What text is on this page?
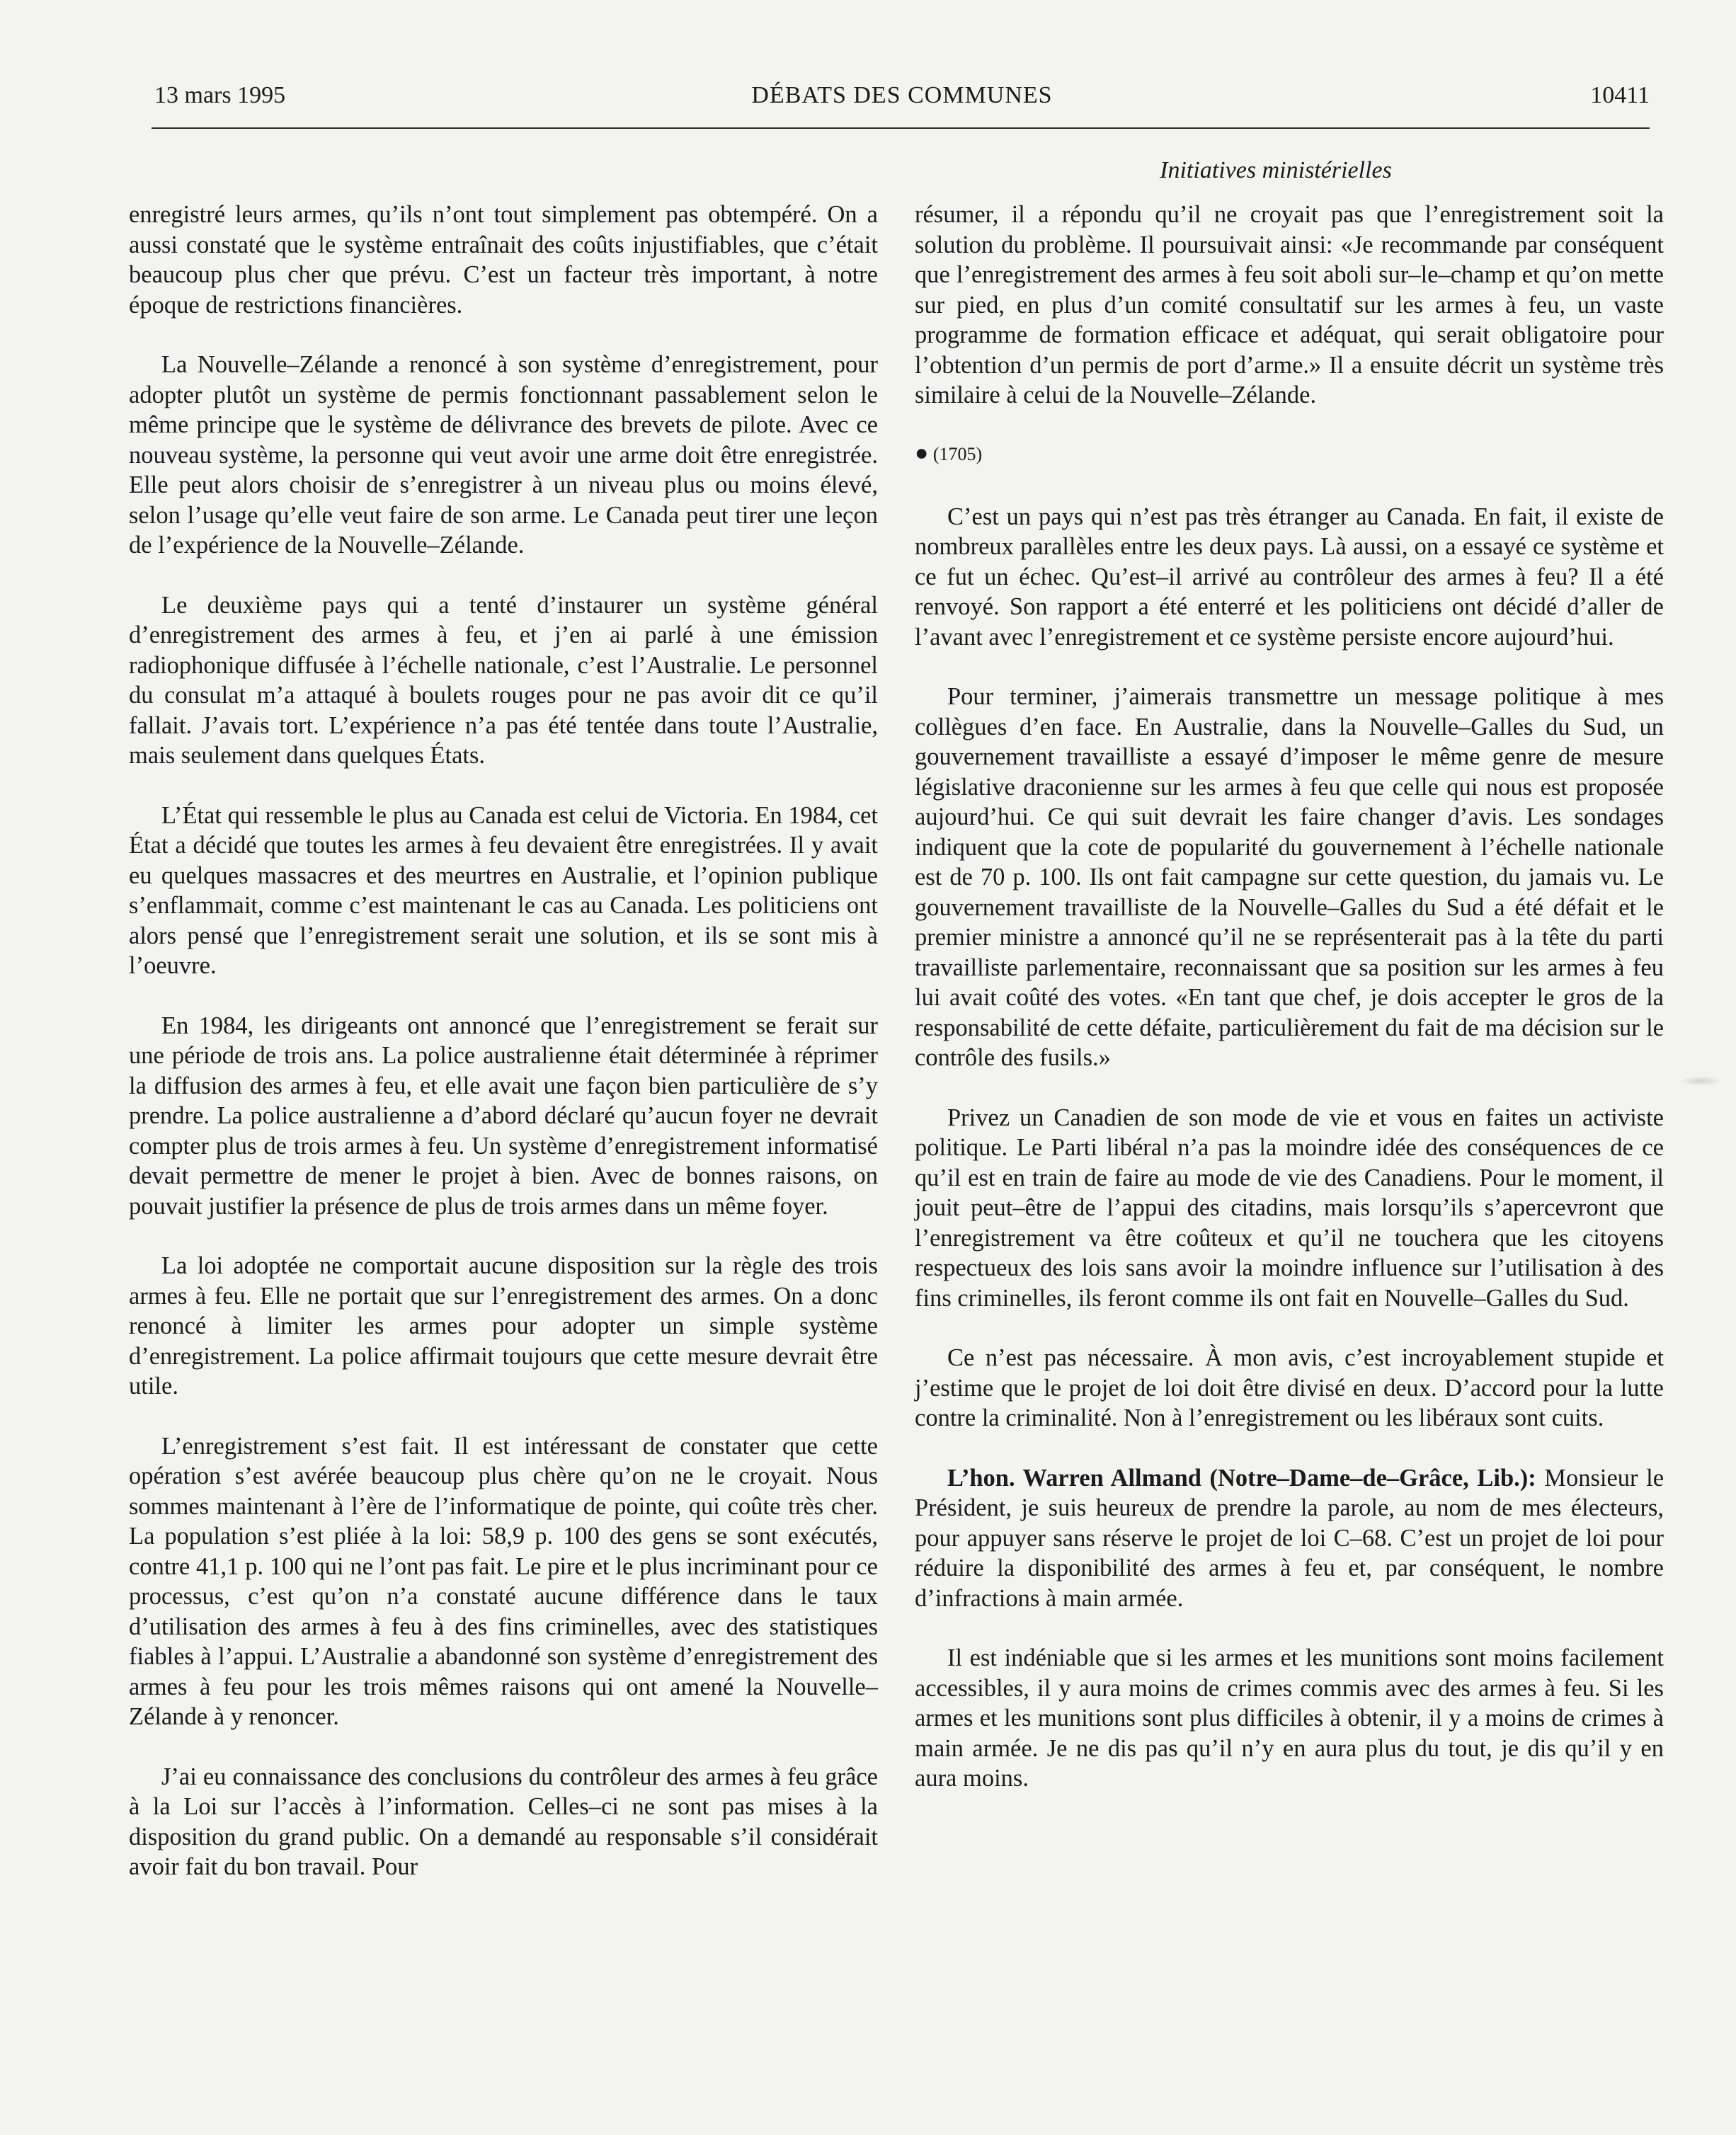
13 mars 1995	DÉBATS DES COMMUNES	10411
Initiatives ministérielles

enregistré leurs armes, qu’ils n’ont tout simplement pas obtempéré. On a aussi constaté que le système entraînait des coûts injustifiables, que c’était beaucoup plus cher que prévu. C’est un facteur très important, à notre époque de restrictions financières.

La Nouvelle–Zélande a renoncé à son système d’enregistrement, pour adopter plutôt un système de permis fonctionnant passablement selon le même principe que le système de délivrance des brevets de pilote. Avec ce nouveau système, la personne qui veut avoir une arme doit être enregistrée. Elle peut alors choisir de s’enregistrer à un niveau plus ou moins élevé, selon l’usage qu’elle veut faire de son arme. Le Canada peut tirer une leçon de l’expérience de la Nouvelle–Zélande.

Le deuxième pays qui a tenté d’instaurer un système général d’enregistrement des armes à feu, et j’en ai parlé à une émission radiophonique diffusée à l’échelle nationale, c’est l’Australie. Le personnel du consulat m’a attaqué à boulets rouges pour ne pas avoir dit ce qu’il fallait. J’avais tort. L’expérience n’a pas été tentée dans toute l’Australie, mais seulement dans quelques États.

L’État qui ressemble le plus au Canada est celui de Victoria. En 1984, cet État a décidé que toutes les armes à feu devaient être enregistrées. Il y avait eu quelques massacres et des meurtres en Australie, et l’opinion publique s’enflammait, comme c’est maintenant le cas au Canada. Les politiciens ont alors pensé que l’enregistrement serait une solution, et ils se sont mis à l’oeuvre.

En 1984, les dirigeants ont annoncé que l’enregistrement se ferait sur une période de trois ans. La police australienne était déterminée à réprimer la diffusion des armes à feu, et elle avait une façon bien particulière de s’y prendre. La police australienne a d’abord déclaré qu’aucun foyer ne devrait compter plus de trois armes à feu. Un système d’enregistrement informatisé devait permettre de mener le projet à bien. Avec de bonnes raisons, on pouvait justifier la présence de plus de trois armes dans un même foyer.

La loi adoptée ne comportait aucune disposition sur la règle des trois armes à feu. Elle ne portait que sur l’enregistrement des armes. On a donc renoncé à limiter les armes pour adopter un simple système d’enregistrement. La police affirmait toujours que cette mesure devrait être utile.

L’enregistrement s’est fait. Il est intéressant de constater que cette opération s’est avérée beaucoup plus chère qu’on ne le croyait. Nous sommes maintenant à l’ère de l’informatique de pointe, qui coûte très cher. La population s’est pliée à la loi: 58,9 p. 100 des gens se sont exécutés, contre 41,1 p. 100 qui ne l’ont pas fait. Le pire et le plus incriminant pour ce processus, c’est qu’on n’a constaté aucune différence dans le taux d’utilisation des armes à feu à des fins criminelles, avec des statistiques fiables à l’appui. L’Australie a abandonné son système d’enregistrement des armes à feu pour les trois mêmes raisons qui ont amené la Nouvelle–Zélande à y renoncer.

J’ai eu connaissance des conclusions du contrôleur des armes à feu grâce à la Loi sur l’accès à l’information. Celles–ci ne sont pas mises à la disposition du grand public. On a demandé au responsable s’il considérait avoir fait du bon travail. Pour

résumer, il a répondu qu’il ne croyait pas que l’enregistrement soit la solution du problème. Il poursuivait ainsi: «Je recommande par conséquent que l’enregistrement des armes à feu soit aboli sur–le–champ et qu’on mette sur pied, en plus d’un comité consultatif sur les armes à feu, un vaste programme de formation efficace et adéquat, qui serait obligatoire pour l’obtention d’un permis de port d’arme.» Il a ensuite décrit un système très similaire à celui de la Nouvelle–Zélande.

● (1705)

C’est un pays qui n’est pas très étranger au Canada. En fait, il existe de nombreux parallèles entre les deux pays. Là aussi, on a essayé ce système et ce fut un échec. Qu’est–il arrivé au contrôleur des armes à feu? Il a été renvoyé. Son rapport a été enterré et les politiciens ont décidé d’aller de l’avant avec l’enregistrement et ce système persiste encore aujourd’hui.

Pour terminer, j’aimerais transmettre un message politique à mes collègues d’en face. En Australie, dans la Nouvelle–Galles du Sud, un gouvernement travailliste a essayé d’imposer le même genre de mesure législative draconienne sur les armes à feu que celle qui nous est proposée aujourd’hui. Ce qui suit devrait les faire changer d’avis. Les sondages indiquent que la cote de popularité du gouvernement à l’échelle nationale est de 70 p. 100. Ils ont fait campagne sur cette question, du jamais vu. Le gouvernement travailliste de la Nouvelle–Galles du Sud a été défait et le premier ministre a annoncé qu’il ne se représenterait pas à la tête du parti travailliste parlementaire, reconnaissant que sa position sur les armes à feu lui avait coûté des votes. «En tant que chef, je dois accepter le gros de la responsabilité de cette défaite, particulièrement du fait de ma décision sur le contrôle des fusils.»

Privez un Canadien de son mode de vie et vous en faites un activiste politique. Le Parti libéral n’a pas la moindre idée des conséquences de ce qu’il est en train de faire au mode de vie des Canadiens. Pour le moment, il jouit peut–être de l’appui des citadins, mais lorsqu’ils s’apercevront que l’enregistrement va être coûteux et qu’il ne touchera que les citoyens respectueux des lois sans avoir la moindre influence sur l’utilisation à des fins criminelles, ils feront comme ils ont fait en Nouvelle–Galles du Sud.

Ce n’est pas nécessaire. À mon avis, c’est incroyablement stupide et j’estime que le projet de loi doit être divisé en deux. D’accord pour la lutte contre la criminalité. Non à l’enregistrement ou les libéraux sont cuits.

L’hon. Warren Allmand (Notre–Dame–de–Grâce, Lib.): Monsieur le Président, je suis heureux de prendre la parole, au nom de mes électeurs, pour appuyer sans réserve le projet de loi C–68. C’est un projet de loi pour réduire la disponibilité des armes à feu et, par conséquent, le nombre d’infractions à main armée.

Il est indéniable que si les armes et les munitions sont moins facilement accessibles, il y aura moins de crimes commis avec des armes à feu. Si les armes et les munitions sont plus difficiles à obtenir, il y a moins de crimes à main armée. Je ne dis pas qu’il n’y en aura plus du tout, je dis qu’il y en aura moins.
